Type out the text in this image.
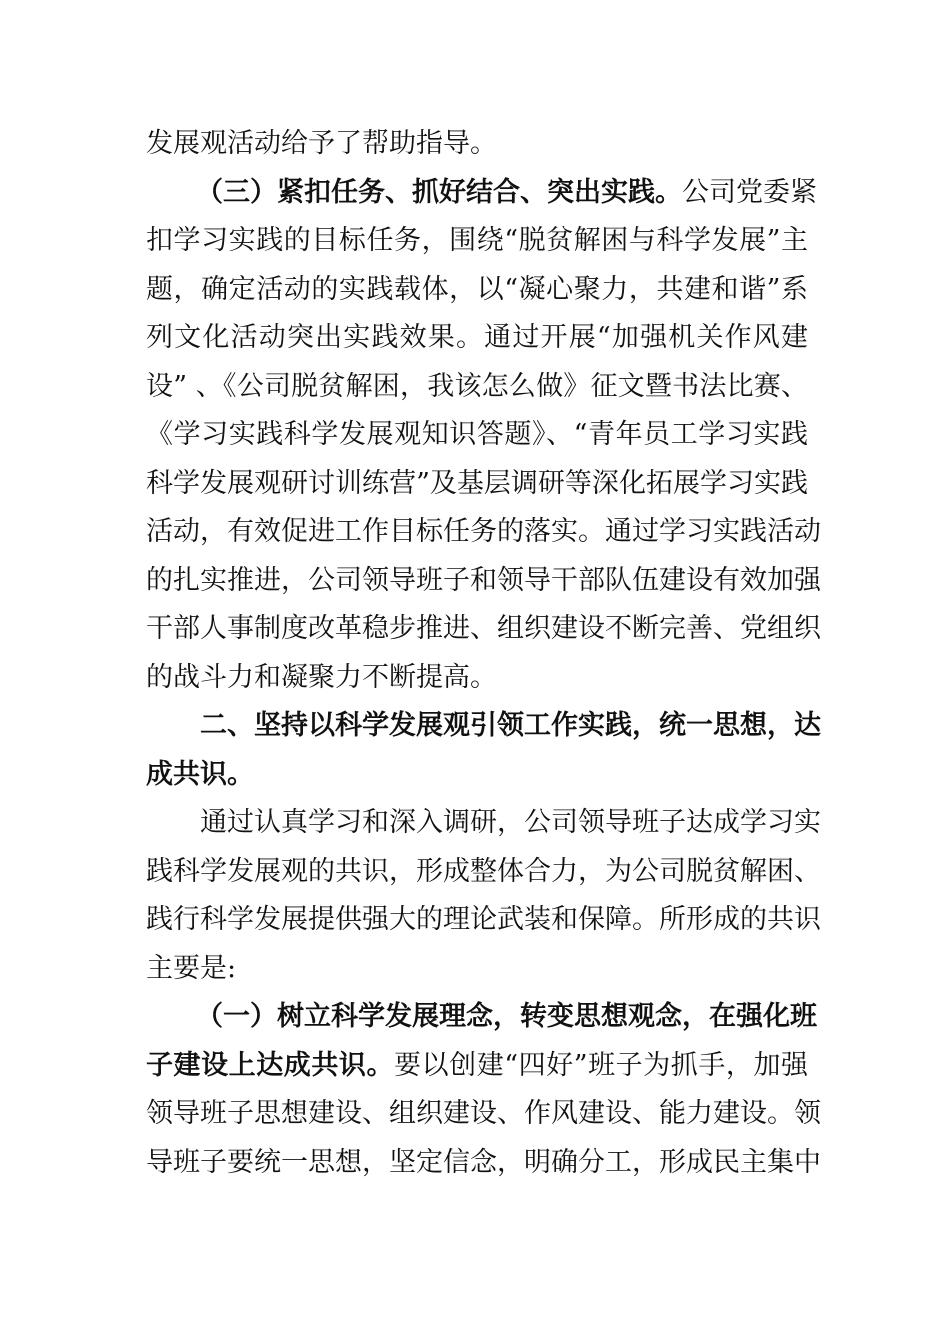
发展观活动给予了帮助指导。
（三）紧扣任务、抓好结合、突出实践。公司党委紧
扣学习实践的目标任务，围绕“脱贫解困与科学发展”主
题，确定活动的实践载体，以“凝心聚力，共建和谐”系
列文化活动突出实践效果。通过开展“加强机关作风建
设” 、《公司脱贫解困，我该怎么做》征文暨书法比赛、
《学习实践科学发展观知识答题》、“青年员工学习实践
科学发展观研讨训练营”及基层调研等深化拓展学习实践
活动，有效促进工作目标任务的落实。通过学习实践活动
的扎实推进，公司领导班子和领导干部队伍建设有效加强
干部人事制度改革稳步推进、组织建设不断完善、党组织
的战斗力和凝聚力不断提高。
二、坚持以科学发展观引领工作实践，统一思想，达
成共识。
通过认真学习和深入调研，公司领导班子达成学习实
践科学发展观的共识，形成整体合力，为公司脱贫解困、
践行科学发展提供强大的理论武装和保障。所形成的共识
主要是:
（一）树立科学发展理念，转变思想观念，在强化班
子建设上达成共识。要以创建“四好”班子为抓手，加强
领导班子思想建设、组织建设、作风建设、能力建设。领
导班子要统一思想，坚定信念，明确分工，形成民主集中
